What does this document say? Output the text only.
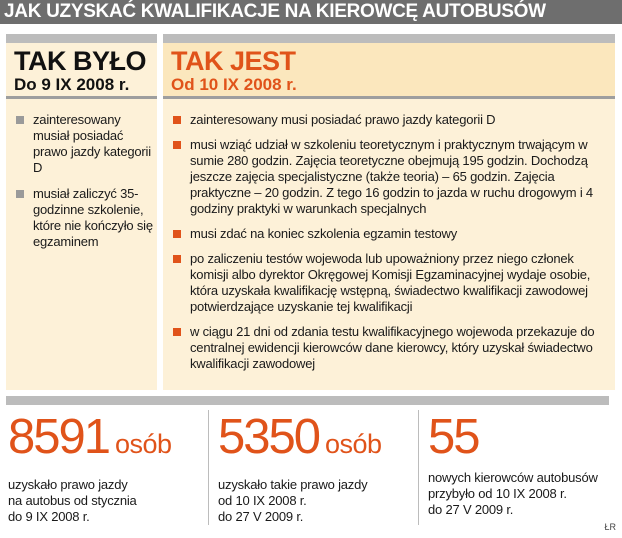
JAK UZYSKAĆ KWALIFIKACJE NA KIEROWCĘ AUTOBUSÓW
TAK BYŁO
Do 9 IX 2008 r.
zainteresowany musiał posiadać prawo jazdy kategorii D
musiał zaliczyć 35-godzinne szkolenie, które nie kończyło się egzaminem
TAK JEST
Od 10 IX 2008 r.
zainteresowany musi posiadać prawo jazdy kategorii D
musi wziąć udział w szkoleniu teoretycznym i praktycznym trwającym w sumie 280 godzin. Zajęcia teoretyczne obejmują 195 godzin. Dochodzą jeszcze zajęcia specjalistyczne (także teoria) – 65 godzin. Zajęcia praktyczne – 20 godzin. Z tego 16 godzin to jazda w ruchu drogowym i 4 godziny praktyki w warunkach specjalnych
musi zdać na koniec szkolenia egzamin testowy
po zaliczeniu testów wojewoda lub upoważniony przez niego członek komisji albo dyrektor Okręgowej Komisji Egzaminacyjnej wydaje osobie, która uzyskała kwalifikację wstępną, świadectwo kwalifikacji zawodowej potwierdzające uzyskanie tej kwalifikacji
w ciągu 21 dni od zdania testu kwalifikacyjnego wojewoda przekazuje do centralnej ewidencji kierowców dane kierowcy, który uzyskał świadectwo kwalifikacji zawodowej
8591 osób
uzyskało prawo jazdy
na autobus od stycznia
do 9 IX 2008 r.
5350 osób
uzyskało takie prawo jazdy
od 10 IX 2008 r.
do 27 V 2009 r.
55
nowych kierowców autobusów
przybyło od 10 IX 2008 r.
do 27 V 2009 r.
ŁR
